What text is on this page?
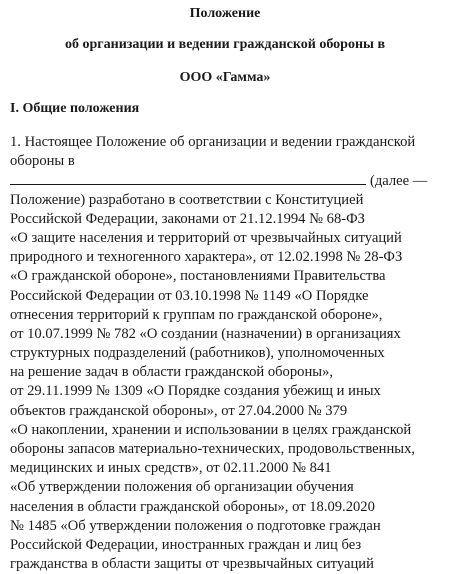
Положение
об организации и ведении гражданской обороны в
ООО «Гамма»
I. Общие положения
1. Настоящее Положение об организации и ведении гражданской
обороны в
(далее —
Положение) разработано в соответствии с Конституцией
Российской Федерации, законами от 21.12.1994 № 68-ФЗ
«О защите населения и территорий от чрезвычайных ситуаций
природного и техногенного характера», от 12.02.1998 № 28-ФЗ
«О гражданской обороне», постановлениями Правительства
Российской Федерации от 03.10.1998 № 1149 «О Порядке
отнесения территорий к группам по гражданской обороне»,
от 10.07.1999 № 782 «О создании (назначении) в организациях
структурных подразделений (работников), уполномоченных
на решение задач в области гражданской обороны»,
от 29.11.1999 № 1309 «О Порядке создания убежищ и иных
объектов гражданской обороны», от 27.04.2000 № 379
«О накоплении, хранении и использовании в целях гражданской
обороны запасов материально-технических, продовольственных,
медицинских и иных средств», от 02.11.2000 № 841
«Об утверждении положения об организации обучения
населения в области гражданской обороны», от 18.09.2020
№ 1485 «Об утверждении положения о подготовке граждан
Российской Федерации, иностранных граждан и лиц без
гражданства в области защиты от чрезвычайных ситуаций
